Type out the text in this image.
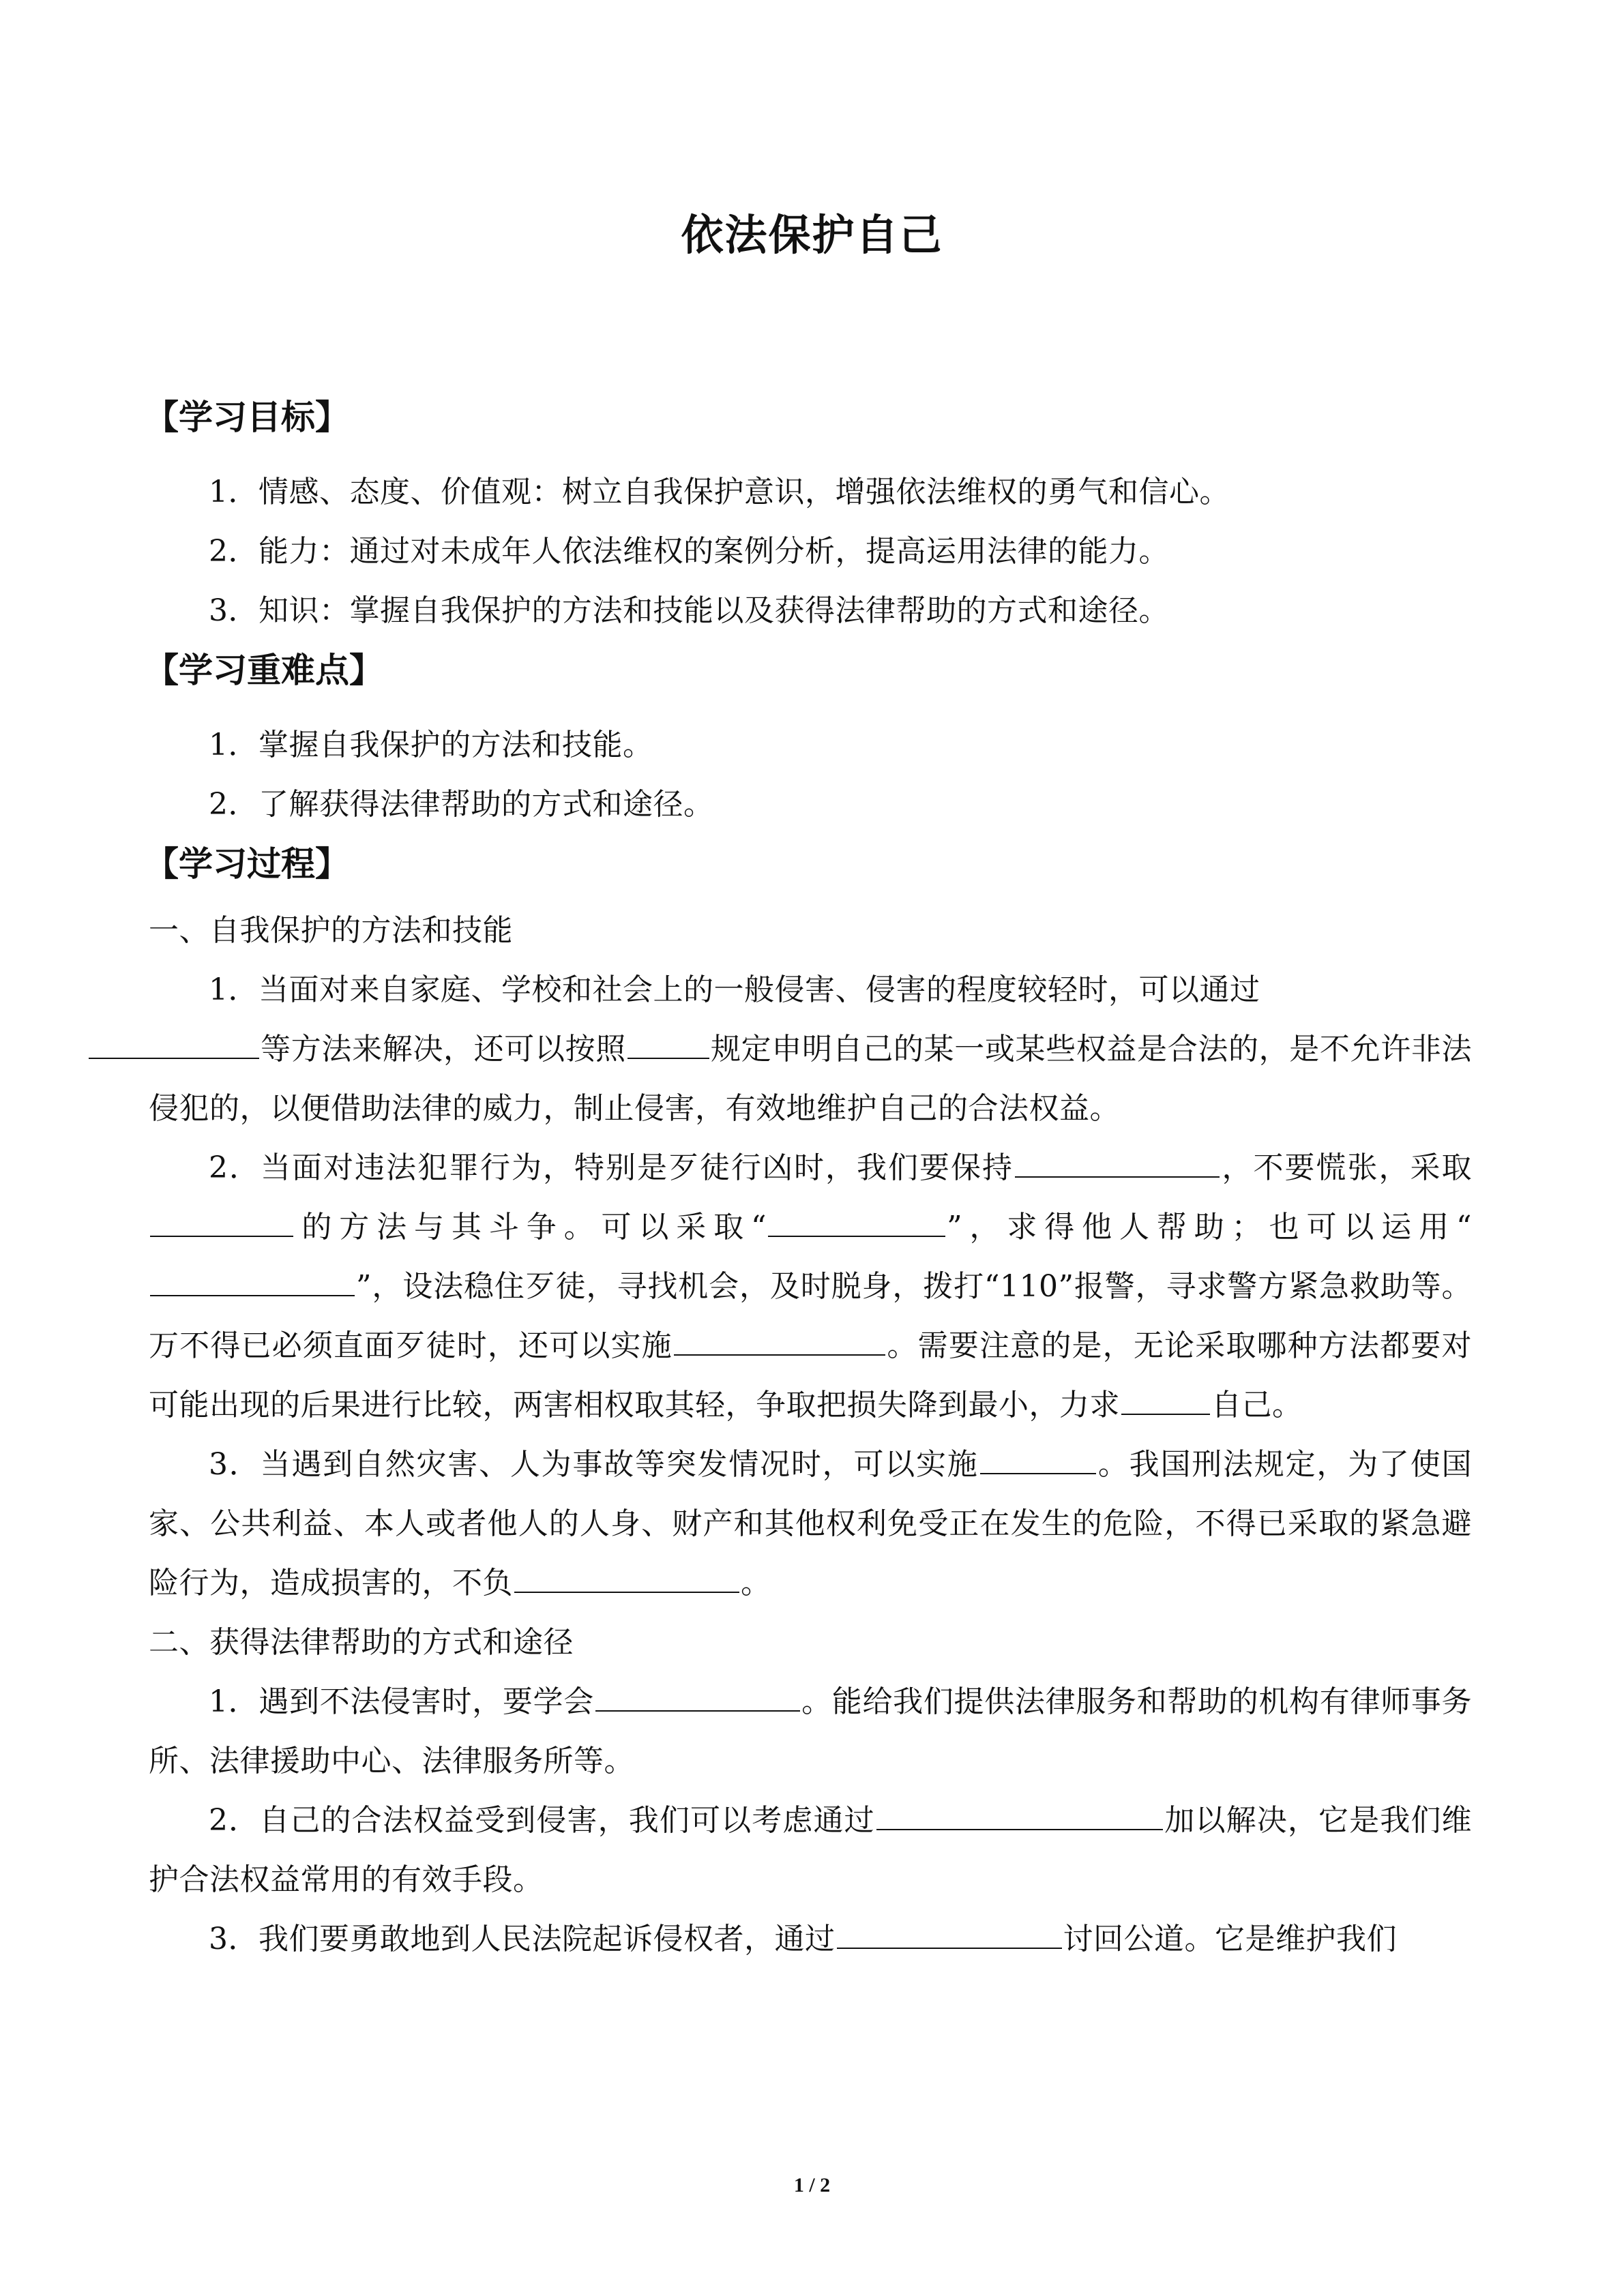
依法保护自己
【学习目标】

1．情感、态度、价值观：树立自我保护意识，增强依法维权的勇气和信心。

2．能力：通过对未成年人依法维权的案例分析，提高运用法律的能力。

3．知识：掌握自我保护的方法和技能以及获得法律帮助的方式和途径。

【学习重难点】

1．掌握自我保护的方法和技能。

2．了解获得法律帮助的方式和途径。

【学习过程】

一、自我保护的方法和技能

1．当面对来自家庭、学校和社会上的一般侵害、侵害的程度较轻时，可以通过
等方法来解决，还可以按照	规定申明自己的某一或某些权益是合法的，是不允许非法侵犯的，以便借助法律的威力，制止侵害，有效地维护自己的合法权益。

2．当面对违法犯罪行为，特别是歹徒行凶时，我们要保持	，不要慌张，采取的方法与其斗争。可以采取“	”，求得他人帮助；也可以运用“”，设法稳住歹徒，寻找机会，及时脱身，拨打“110”报警，寻求警方紧急救助等。万不得已必须直面歹徒时，还可以实施	。需要注意的是，无论采取哪种方法都要对可能出现的后果进行比较，两害相权取其轻，争取把损失降到最小，力求	自己。

3．当遇到自然灾害、人为事故等突发情况时，可以实施	。我国刑法规定，为了使国家、公共利益、本人或者他人的人身、财产和其他权利免受正在发生的危险，不得已采取的紧急避险行为，造成损害的，不负	。

二、获得法律帮助的方式和途径

1．遇到不法侵害时，要学会	。能给我们提供法律服务和帮助的机构有律师事务所、法律援助中心、法律服务所等。

2．自己的合法权益受到侵害，我们可以考虑通过	加以解决，它是我们维护合法权益常用的有效手段。

3．我们要勇敢地到人民法院起诉侵权者，通过	讨回公道。它是维护我们

1 / 2
